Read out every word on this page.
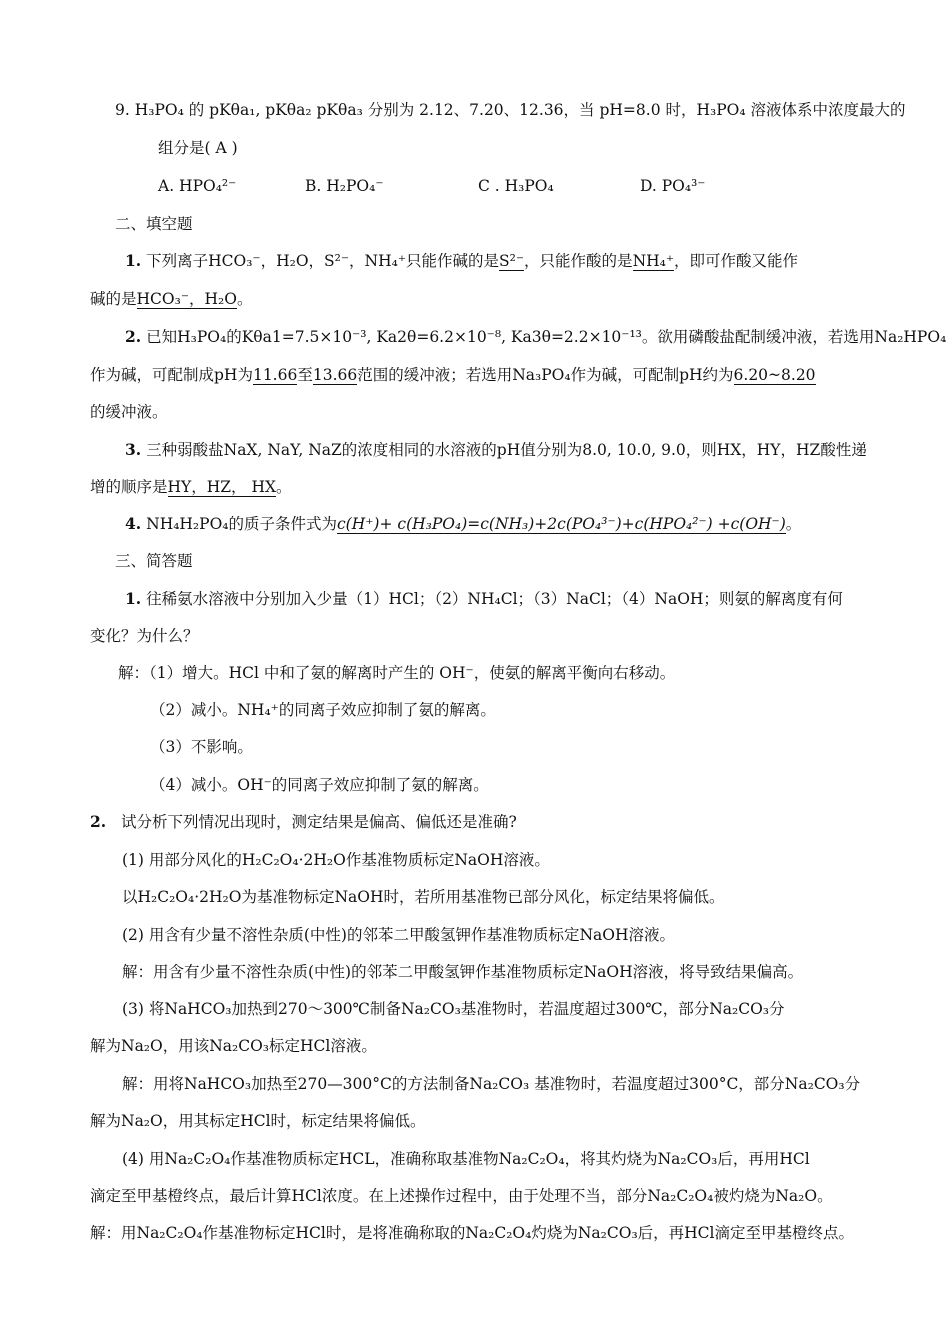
9. H₃PO₄ 的 pKθa₁, pKθa₂ pKθa₃ 分别为 2.12、7.20、12.36，当 pH=8.0 时，H₃PO₄ 溶液体系中浓度最大的
组分是( A )
A. HPO₄²⁻	B. H₂PO₄⁻	C . H₃PO₄	D. PO₄³⁻
二、填空题
1. 下列离子HCO₃⁻，H₂O，S²⁻，NH₄⁺只能作碱的是S²⁻，只能作酸的是NH₄⁺，即可作酸又能作
碱的是HCO₃⁻，H₂O。
2. 已知H₃PO₄的Kθa1=7.5×10⁻³, Ka2θ=6.2×10⁻⁸, Ka3θ=2.2×10⁻¹³。欲用磷酸盐配制缓冲液，若选用Na₂HPO₄
作为碱，可配制成pH为11.66至13.66范围的缓冲液；若选用Na₃PO₄作为碱，可配制pH约为6.20~8.20
的缓冲液。
3. 三种弱酸盐NaX, NaY, NaZ的浓度相同的水溶液的pH值分别为8.0, 10.0, 9.0，则HX，HY，HZ酸性递
增的顺序是HY，HZ， HX。
4. NH₄H₂PO₄的质子条件式为c(H⁺)+ c(H₃PO₄)=c(NH₃)+2c(PO₄³⁻)+c(HPO₄²⁻) +c(OH⁻)。
三、简答题
1. 往稀氨水溶液中分别加入少量（1）HCl；（2）NH₄Cl；（3）NaCl；（4）NaOH；则氨的解离度有何
变化？为什么？
解：（1）增大。HCl 中和了氨的解离时产生的 OH⁻，使氨的解离平衡向右移动。
（2）减小。NH₄⁺的同离子效应抑制了氨的解离。
（3）不影响。
（4）减小。OH⁻的同离子效应抑制了氨的解离。
2. 试分析下列情况出现时，测定结果是偏高、偏低还是准确?
(1) 用部分风化的H₂C₂O₄·2H₂O作基准物质标定NaOH溶液。
以H₂C₂O₄·2H₂O为基准物标定NaOH时，若所用基准物已部分风化，标定结果将偏低。
(2) 用含有少量不溶性杂质(中性)的邻苯二甲酸氢钾作基准物质标定NaOH溶液。
解：用含有少量不溶性杂质(中性)的邻苯二甲酸氢钾作基准物质标定NaOH溶液，将导致结果偏高。
(3) 将NaHCO₃加热到270～300℃制备Na₂CO₃基准物时，若温度超过300℃，部分Na₂CO₃分
解为Na₂O，用该Na₂CO₃标定HCl溶液。
解：用将NaHCO₃加热至270—300°C的方法制备Na₂CO₃ 基准物时，若温度超过300°C，部分Na₂CO₃分
解为Na₂O，用其标定HCl时，标定结果将偏低。
(4) 用Na₂C₂O₄作基准物质标定HCL，准确称取基准物Na₂C₂O₄，将其灼烧为Na₂CO₃后，再用HCl
滴定至甲基橙终点，最后计算HCl浓度。在上述操作过程中，由于处理不当，部分Na₂C₂O₄被灼烧为Na₂O。
解：用Na₂C₂O₄作基准物标定HCl时，是将准确称取的Na₂C₂O₄灼烧为Na₂CO₃后，再HCl滴定至甲基橙终点。
